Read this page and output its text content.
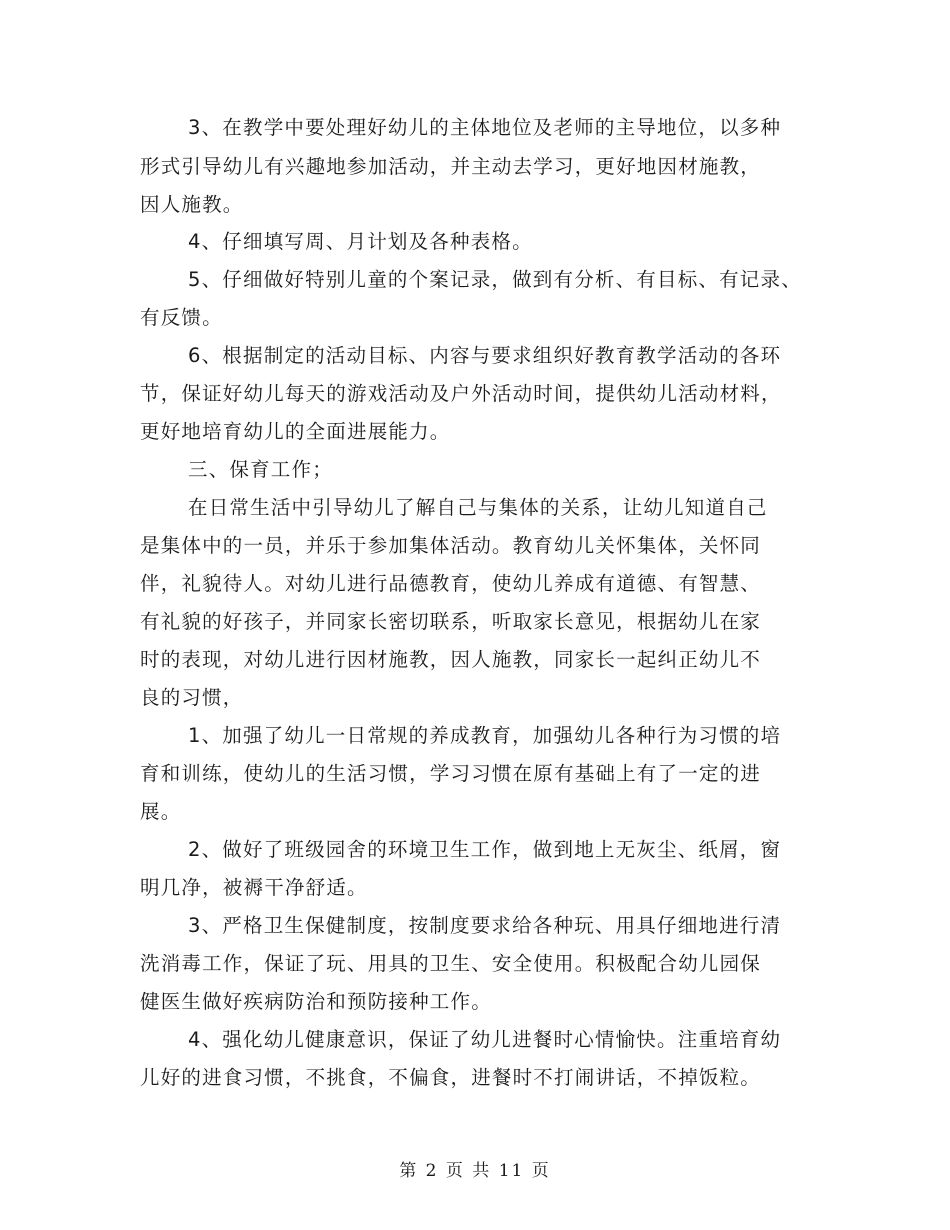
3、在教学中要处理好幼儿的主体地位及老师的主导地位，以多种
形式引导幼儿有兴趣地参加活动，并主动去学习，更好地因材施教，
因人施教。
4、仔细填写周、月计划及各种表格。
5、仔细做好特别儿童的个案记录，做到有分析、有目标、有记录、
有反馈。
6、根据制定的活动目标、内容与要求组织好教育教学活动的各环
节，保证好幼儿每天的游戏活动及户外活动时间，提供幼儿活动材料，
更好地培育幼儿的全面进展能力。
三、保育工作；
在日常生活中引导幼儿了解自己与集体的关系，让幼儿知道自己
是集体中的一员，并乐于参加集体活动。教育幼儿关怀集体，关怀同
伴，礼貌待人。对幼儿进行品德教育，使幼儿养成有道德、有智慧、
有礼貌的好孩子，并同家长密切联系，听取家长意见，根据幼儿在家
时的表现，对幼儿进行因材施教，因人施教，同家长一起纠正幼儿不
良的习惯，
1、加强了幼儿一日常规的养成教育，加强幼儿各种行为习惯的培
育和训练，使幼儿的生活习惯，学习习惯在原有基础上有了一定的进
展。
2、做好了班级园舍的环境卫生工作，做到地上无灰尘、纸屑，窗
明几净，被褥干净舒适。
3、严格卫生保健制度，按制度要求给各种玩、用具仔细地进行清
洗消毒工作，保证了玩、用具的卫生、安全使用。积极配合幼儿园保
健医生做好疾病防治和预防接种工作。
4、强化幼儿健康意识，保证了幼儿进餐时心情愉快。注重培育幼
儿好的进食习惯，不挑食，不偏食，进餐时不打闹讲话，不掉饭粒。
第 2 页 共 11 页
